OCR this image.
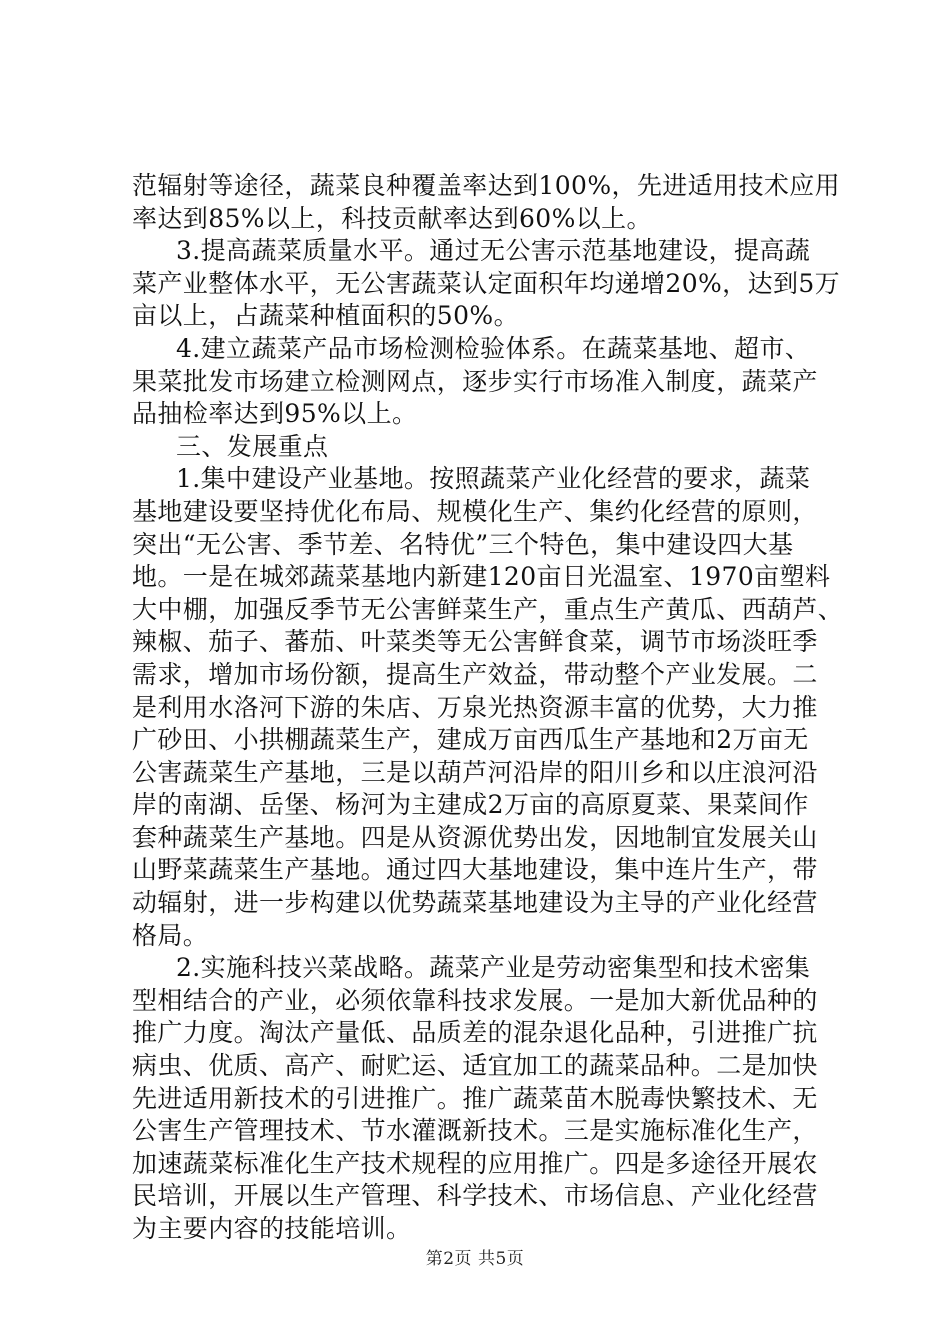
范辐射等途径，蔬菜良种覆盖率达到100%，先进适用技术应用
率达到85%以上，科技贡献率达到60%以上。
3.提高蔬菜质量水平。通过无公害示范基地建设，提高蔬
菜产业整体水平，无公害蔬菜认定面积年均递增20%，达到5万
亩以上，占蔬菜种植面积的50%。
4.建立蔬菜产品市场检测检验体系。在蔬菜基地、超市、
果菜批发市场建立检测网点，逐步实行市场准入制度，蔬菜产
品抽检率达到95%以上。
三、发展重点
1.集中建设产业基地。按照蔬菜产业化经营的要求，蔬菜
基地建设要坚持优化布局、规模化生产、集约化经营的原则，
突出“无公害、季节差、名特优”三个特色，集中建设四大基
地。一是在城郊蔬菜基地内新建120亩日光温室、1970亩塑料
大中棚，加强反季节无公害鲜菜生产，重点生产黄瓜、西葫芦、
辣椒、茄子、蕃茄、叶菜类等无公害鲜食菜，调节市场淡旺季
需求，增加市场份额，提高生产效益，带动整个产业发展。二
是利用水洛河下游的朱店、万泉光热资源丰富的优势，大力推
广砂田、小拱棚蔬菜生产，建成万亩西瓜生产基地和2万亩无
公害蔬菜生产基地，三是以葫芦河沿岸的阳川乡和以庄浪河沿
岸的南湖、岳堡、杨河为主建成2万亩的高原夏菜、果菜间作
套种蔬菜生产基地。四是从资源优势出发，因地制宜发展关山
山野菜蔬菜生产基地。通过四大基地建设，集中连片生产，带
动辐射，进一步构建以优势蔬菜基地建设为主导的产业化经营
格局。
2.实施科技兴菜战略。蔬菜产业是劳动密集型和技术密集
型相结合的产业，必须依靠科技求发展。一是加大新优品种的
推广力度。淘汰产量低、品质差的混杂退化品种，引进推广抗
病虫、优质、高产、耐贮运、适宜加工的蔬菜品种。二是加快
先进适用新技术的引进推广。推广蔬菜苗木脱毒快繁技术、无
公害生产管理技术、节水灌溉新技术。三是实施标准化生产，
加速蔬菜标准化生产技术规程的应用推广。四是多途径开展农
民培训，开展以生产管理、科学技术、市场信息、产业化经营
为主要内容的技能培训。
第2页 共5页
